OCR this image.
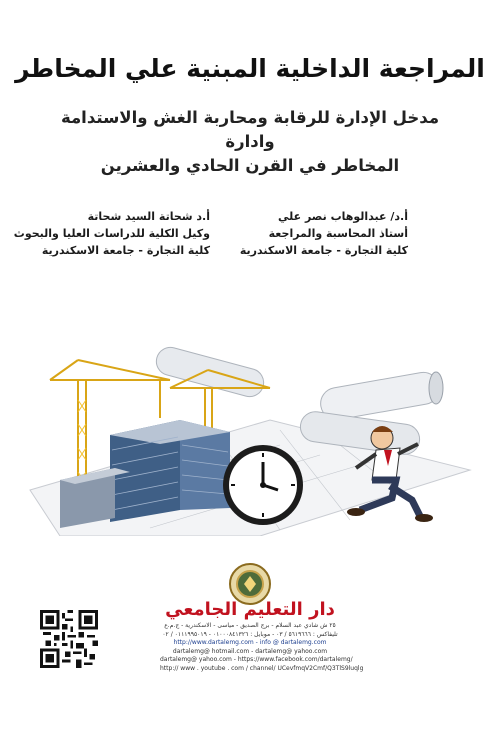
المراجعة الداخلية المبنية علي المخاطر
مدخل الإدارة للرقابة ومحاربة الغش والاستدامة وادارة
المخاطر في القرن الحادي والعشرين
أ.د/ عبدالوهاب نصر علي
أستاذ المحاسبة والمراجعة
كلية التجارة - جامعة الاسكندرية
أ.د شحاتة السيد شحاتة
وكيل الكلية للدراسات العليا والبحوث
كلية التجارة - جامعة الاسكندرية
دار التعليم الجامعي
٢٥ ش شادي عبد السلام - برج الصديق - مياسى - الاسكندرية - ج.م.ع
تليفاكس : ٥٦١٩٦٦٦ / ٠٣ - موبايل : ٠١٠٠٠٨٤١٣٢٦ - ٠١١١٩٩٥٠١٩ / ٠٢
http://www.dartalemg.com - info @ dartalemg.com
dartalemg@ hotmail.com - dartalemg@ yahoo.com
dartalemg@ yahoo.com - https://www.facebook.com/dartalemg/
http:// www . youtube . com / channel/ UCevfmqV2Cmf/Q3TlS9luqlg
